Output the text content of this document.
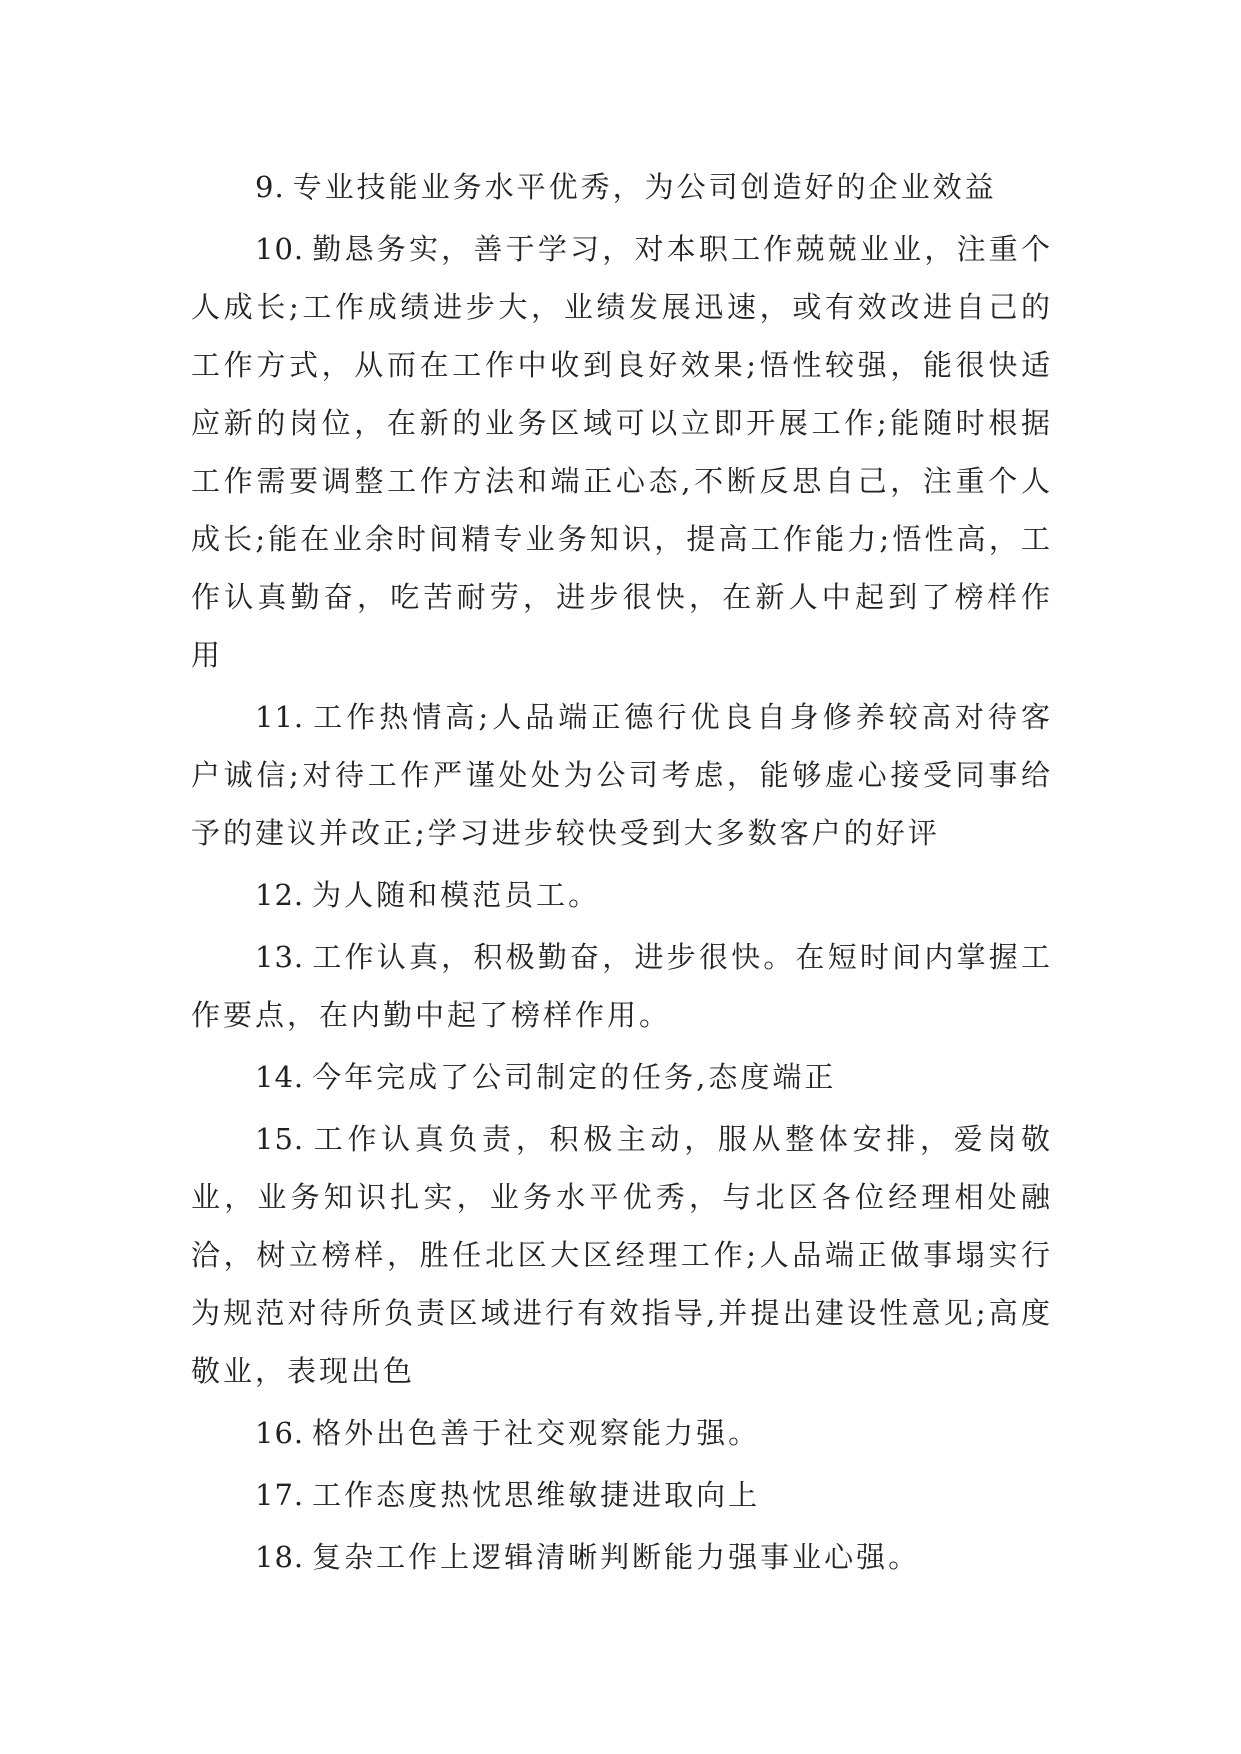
9. 专业技能业务水平优秀，为公司创造好的企业效益

10. 勤恳务实，善于学习，对本职工作兢兢业业，注重个人成长;工作成绩进步大，业绩发展迅速，或有效改进自己的工作方式，从而在工作中收到良好效果;悟性较强，能很快适应新的岗位，在新的业务区域可以立即开展工作;能随时根据工作需要调整工作方法和端正心态,不断反思自己，注重个人成长;能在业余时间精专业务知识，提高工作能力;悟性高，工作认真勤奋，吃苦耐劳，进步很快，在新人中起到了榜样作用

11. 工作热情高;人品端正德行优良自身修养较高对待客户诚信;对待工作严谨处处为公司考虑，能够虚心接受同事给予的建议并改正;学习进步较快受到大多数客户的好评

12. 为人随和模范员工。

13. 工作认真，积极勤奋，进步很快。在短时间内掌握工作要点，在内勤中起了榜样作用。

14. 今年完成了公司制定的任务,态度端正

15. 工作认真负责，积极主动，服从整体安排，爱岗敬业，业务知识扎实，业务水平优秀，与北区各位经理相处融洽，树立榜样，胜任北区大区经理工作;人品端正做事塌实行为规范对待所负责区域进行有效指导,并提出建设性意见;高度敬业，表现出色

16. 格外出色善于社交观察能力强。

17. 工作态度热忱思维敏捷进取向上

18. 复杂工作上逻辑清晰判断能力强事业心强。
